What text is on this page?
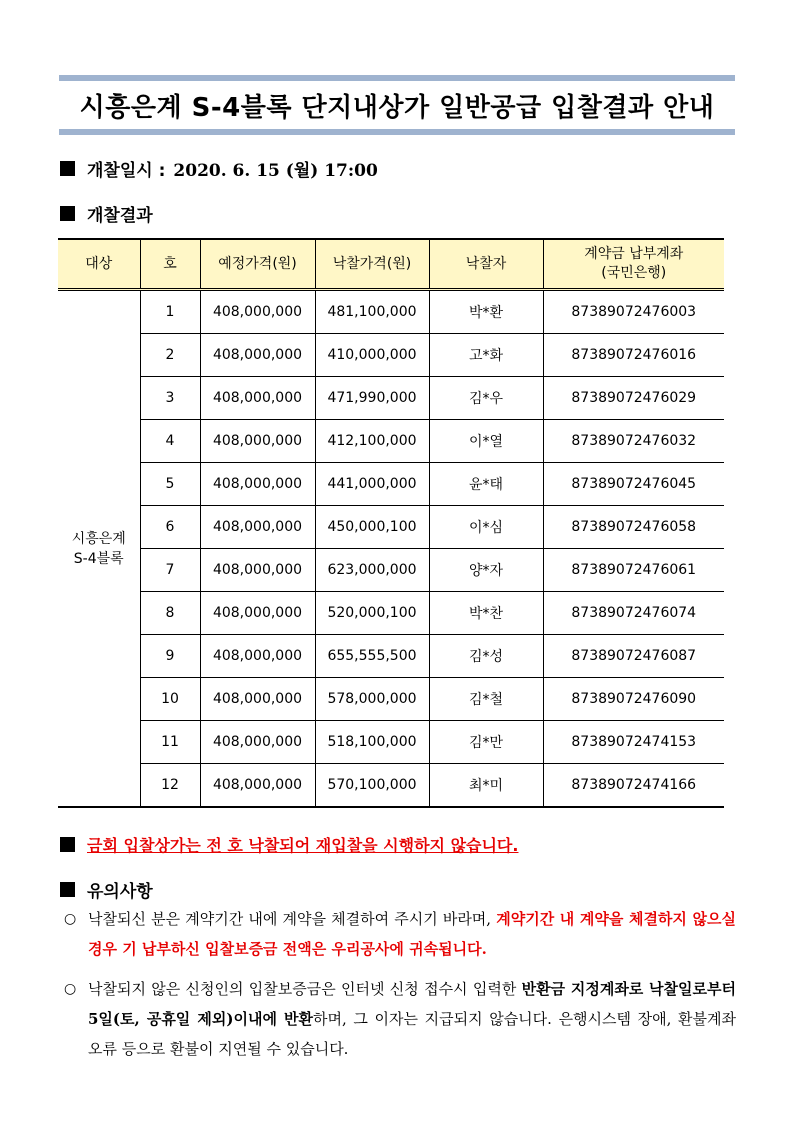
시흥은계 S-4블록 단지내상가 일반공급 입찰결과 안내
개찰일시 : 2020. 6. 15 (월) 17:00
개찰결과
대상	호	예정가격(원)	낙찰가격(원)	낙찰자	계약금 납부계좌
(국민은행)
시흥은계
S-4블록	1	408,000,000	481,100,000	박*환	87389072476003
	2	408,000,000	410,000,000	고*화	87389072476016
	3	408,000,000	471,990,000	김*우	87389072476029
	4	408,000,000	412,100,000	이*열	87389072476032
	5	408,000,000	441,000,000	윤*태	87389072476045
	6	408,000,000	450,000,100	이*심	87389072476058
	7	408,000,000	623,000,000	양*자	87389072476061
	8	408,000,000	520,000,100	박*찬	87389072476074
	9	408,000,000	655,555,500	김*성	87389072476087
	10	408,000,000	578,000,000	김*철	87389072476090
	11	408,000,000	518,100,000	김*만	87389072474153
	12	408,000,000	570,100,000	최*미	87389072474166
금회 입찰상가는 전 호 낙찰되어 재입찰을 시행하지 않습니다.
유의사항
○ 낙찰되신 분은 계약기간 내에 계약을 체결하여 주시기 바라며, 계약기간 내 계약을 체결하지 않으실 경우 기 납부하신 입찰보증금 전액은 우리공사에 귀속됩니다.
○ 낙찰되지 않은 신청인의 입찰보증금은 인터넷 신청 접수시 입력한 반환금 지정계좌로 낙찰일로부터 5일(토, 공휴일 제외)이내에 반환하며, 그 이자는 지급되지 않습니다. 은행시스템 장애, 환불계좌 오류 등으로 환불이 지연될 수 있습니다.
